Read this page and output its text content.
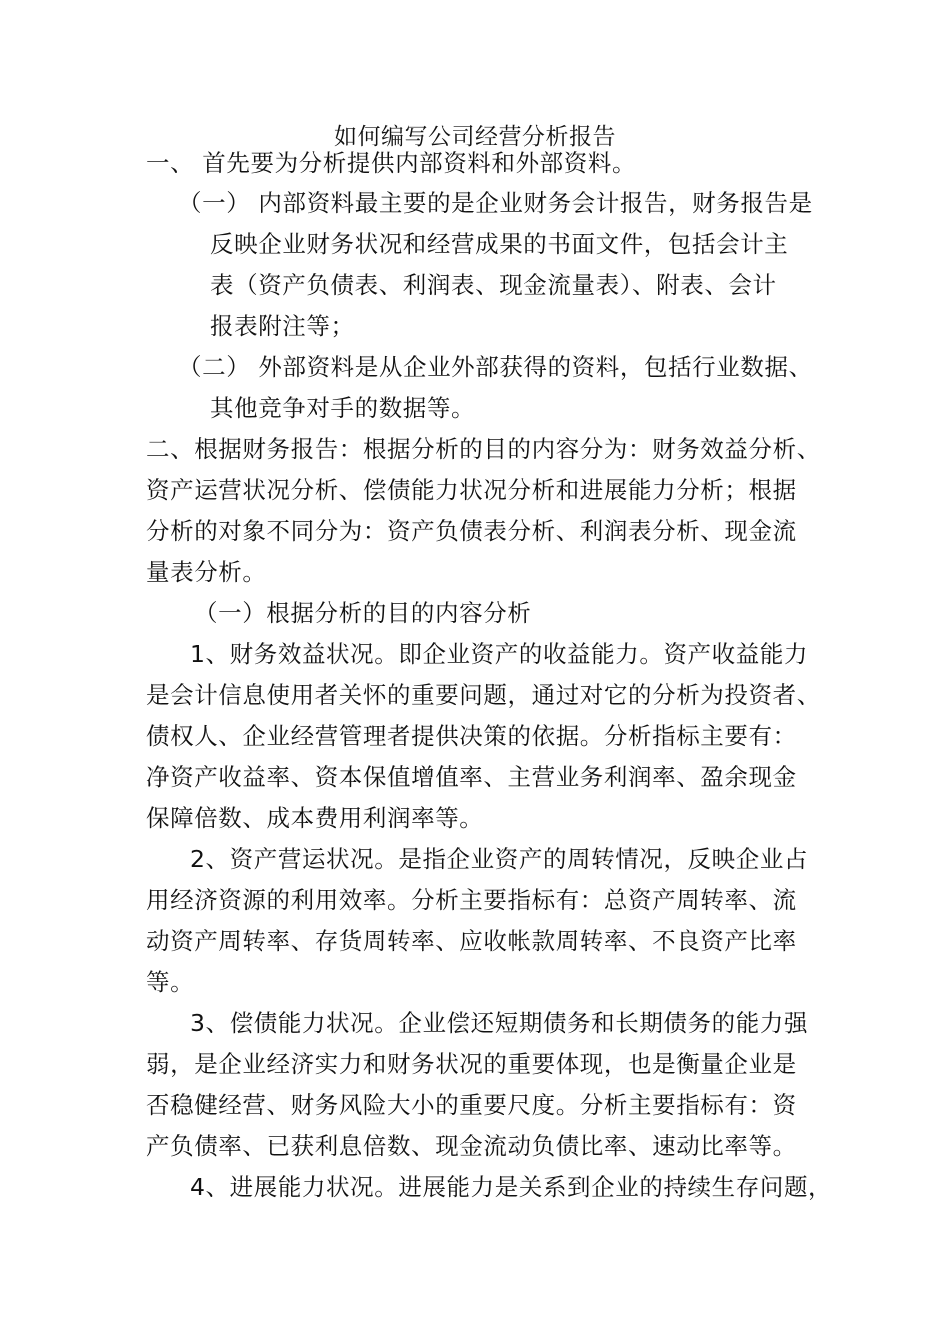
如何编写公司经营分析报告
一、 首先要为分析提供内部资料和外部资料。
（一） 内部资料最主要的是企业财务会计报告，财务报告是
反映企业财务状况和经营成果的书面文件，包括会计主
表（资产负债表、利润表、现金流量表）、附表、会计
报表附注等；
（二） 外部资料是从企业外部获得的资料，包括行业数据、
其他竞争对手的数据等。
二、根据财务报告：根据分析的目的内容分为：财务效益分析、
资产运营状况分析、偿债能力状况分析和进展能力分析；根据
分析的对象不同分为：资产负债表分析、利润表分析、现金流
量表分析。
（一）根据分析的目的内容分析
1、财务效益状况。即企业资产的收益能力。资产收益能力
是会计信息使用者关怀的重要问题，通过对它的分析为投资者、
债权人、企业经营管理者提供决策的依据。分析指标主要有：
净资产收益率、资本保值增值率、主营业务利润率、盈余现金
保障倍数、成本费用利润率等。
2、资产营运状况。是指企业资产的周转情况，反映企业占
用经济资源的利用效率。分析主要指标有：总资产周转率、流
动资产周转率、存货周转率、应收帐款周转率、不良资产比率
等。
3、偿债能力状况。企业偿还短期债务和长期债务的能力强
弱，是企业经济实力和财务状况的重要体现，也是衡量企业是
否稳健经营、财务风险大小的重要尺度。分析主要指标有：资
产负债率、已获利息倍数、现金流动负债比率、速动比率等。
4、进展能力状况。进展能力是关系到企业的持续生存问题，
